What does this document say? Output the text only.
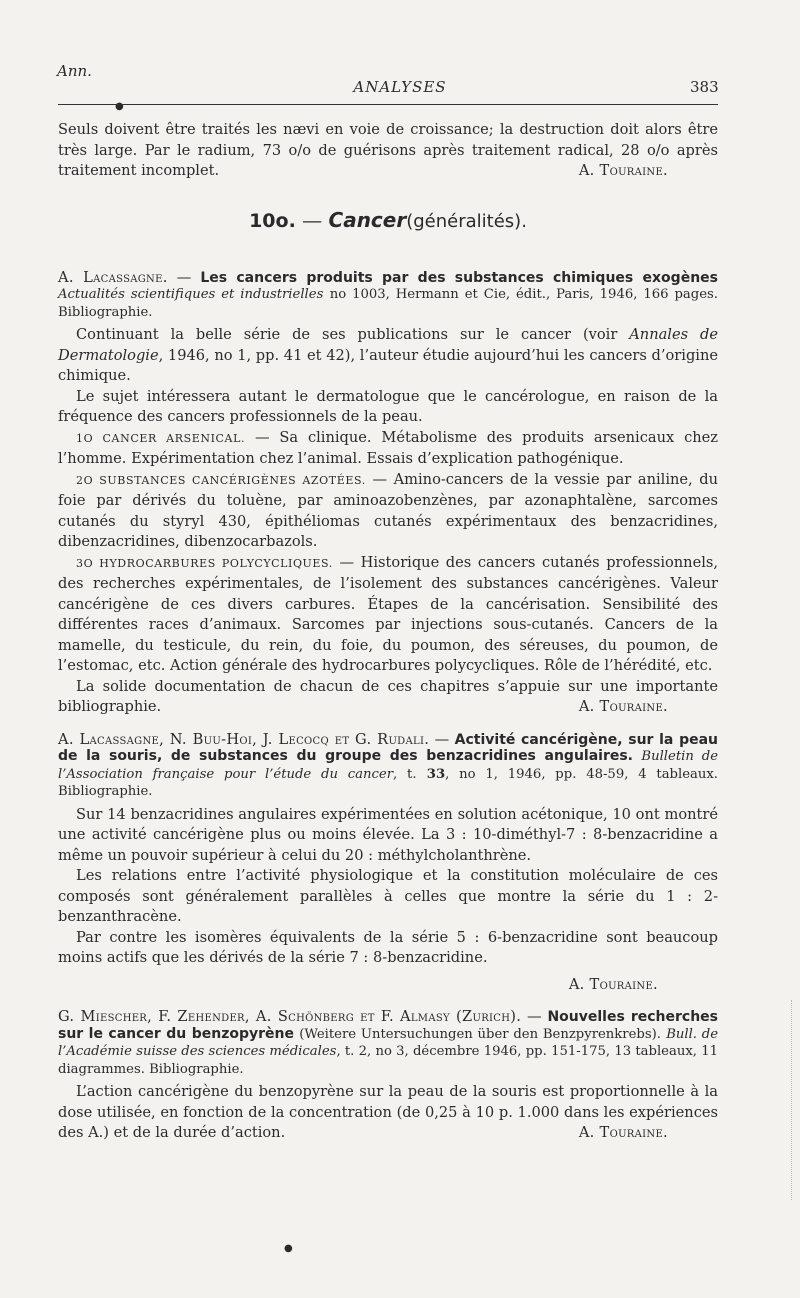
Ann.
ANALYSES	383
●

Seuls doivent être traités les nævi en voie de croissance; la destruction doit alors être très large. Par le radium, 73 o/o de guérisons après traitement radical, 28 o/o après traitement incomplet.	A. Touraine.

10o. — Cancer(généralités).

A. Lacassagne. — Les cancers produits par des substances chimiques exogènes Actualités scientifiques et industrielles no 1003, Hermann et Cie, édit., Paris, 1946, 166 pages. Bibliographie.

Continuant la belle série de ses publications sur le cancer (voir Annales de Dermatologie, 1946, no 1, pp. 41 et 42), l’auteur étudie aujourd’hui les cancers d’origine chimique.

Le sujet intéressera autant le dermatologue que le cancérologue, en raison de la fréquence des cancers professionnels de la peau.

1O CANCER ARSENICAL. — Sa clinique. Métabolisme des produits arsenicaux chez l’homme. Expérimentation chez l’animal. Essais d’explication pathogénique.

2O SUBSTANCES CANCÉRIGÈNES AZOTÉES. — Amino-cancers de la vessie par aniline, du foie par dérivés du toluène, par aminoazobenzènes, par azonaphtalène, sarcomes cutanés du styryl 430, épithéliomas cutanés expérimentaux des benzacridines, dibenzacridines, dibenzocarbazols.

3O HYDROCARBURES POLYCYCLIQUES. — Historique des cancers cutanés professionnels, des recherches expérimentales, de l’isolement des substances cancérigènes. Valeur cancérigène de ces divers carbures. Étapes de la cancérisation. Sensibilité des différentes races d’animaux. Sarcomes par injections sous-cutanés. Cancers de la mamelle, du testicule, du rein, du foie, du poumon, des séreuses, du poumon, de l’estomac, etc. Action générale des hydrocarbures polycycliques. Rôle de l’hérédité, etc.

La solide documentation de chacun de ces chapitres s’appuie sur une importante bibliographie.	A. Touraine.

A. Lacassagne, N. Buu-Hoi, J. Lecocq et G. Rudali. — Activité cancérigène, sur la peau de la souris, de substances du groupe des benzacridines angulaires. Bulletin de l’Association française pour l’étude du cancer, t. 33, no 1, 1946, pp. 48-59, 4 tableaux. Bibliographie.

Sur 14 benzacridines angulaires expérimentées en solution acétonique, 10 ont montré une activité cancérigène plus ou moins élevée. La 3 : 10-diméthyl-7 : 8-benzacridine a même un pouvoir supérieur à celui du 20 : méthylcholanthrène.

Les relations entre l’activité physiologique et la constitution moléculaire de ces composés sont généralement parallèles à celles que montre la série du 1 : 2-benzanthracène.

Par contre les isomères équivalents de la série 5 : 6-benzacridine sont beaucoup moins actifs que les dérivés de la série 7 : 8-benzacridine.

A. Touraine.

G. Miescher, F. Zehender, A. Schönberg et F. Almasy (Zurich). — Nouvelles recherches sur le cancer du benzopyrène (Weitere Untersuchungen über den Benzpyrenkrebs). Bull. de l’Académie suisse des sciences médicales, t. 2, no 3, décembre 1946, pp. 151-175, 13 tableaux, 11 diagrammes. Bibliographie.

L’action cancérigène du benzopyrène sur la peau de la souris est proportionnelle à la dose utilisée, en fonction de la concentration (de 0,25 à 10 p. 1.000 dans les expériences des A.) et de la durée d’action.	A. Touraine.

●
